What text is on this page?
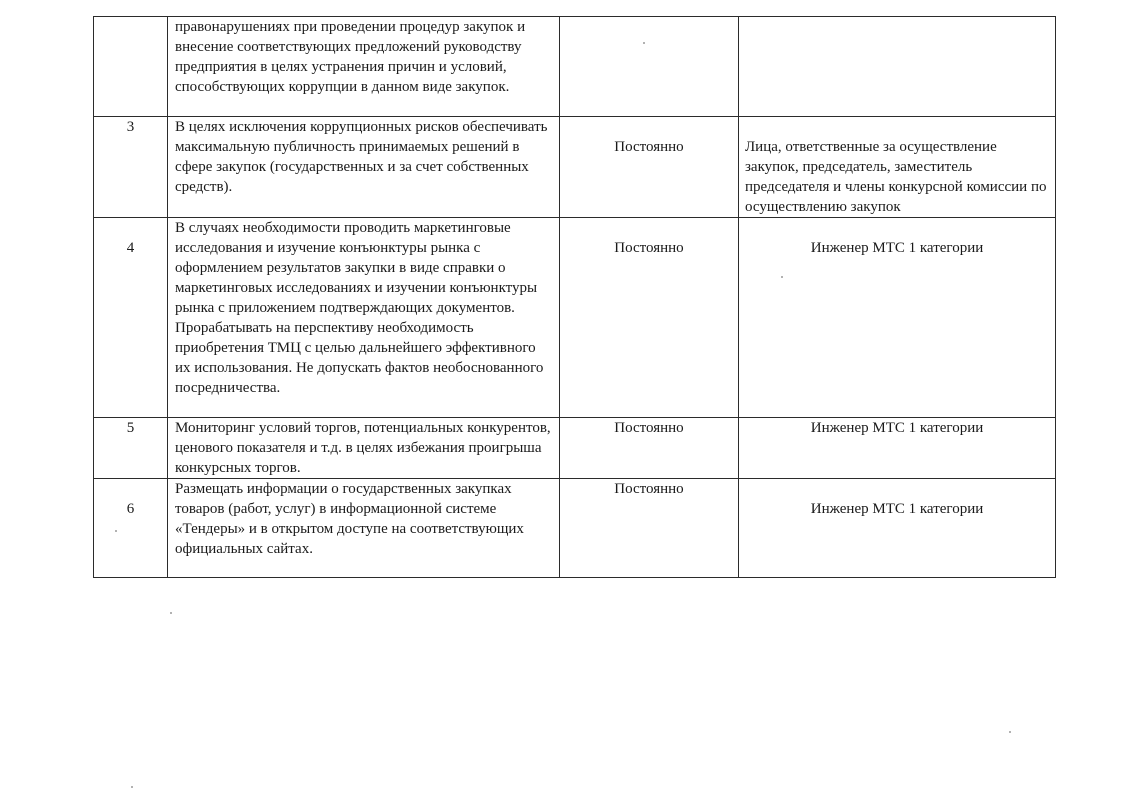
	правонарушениях при проведении процедур закупок и внесение соответствующих предложений руководству предприятия в целях устранения причин и условий, способствующих коррупции в данном виде закупок.		

3	В целях исключения коррупционных рисков обеспечивать максимальную публичность принимаемых решений в сфере закупок (государственных и за счет собственных средств).	Постоянно	Лица, ответственные за осуществление закупок, председатель, заместитель председателя и члены конкурсной комиссии по осуществлению закупок

4	В случаях необходимости проводить маркетинговые исследования и изучение конъюнктуры рынка с оформлением результатов закупки в виде справки о маркетинговых исследованиях и изучении конъюнктуры рынка с приложением подтверждающих документов. Прорабатывать на перспективу необходимость приобретения ТМЦ с целью дальнейшего эффективного их использования. Не допускать фактов необоснованного посредничества.	Постоянно	Инженер МТС 1 категории

5	Мониторинг условий торгов, потенциальных конкурентов, ценового показателя и т.д. в целях избежания проигрыша конкурсных торгов.	Постоянно	Инженер МТС 1 категории

6	Размещать информации о государственных закупках товаров (работ, услуг) в информационной системе «Тендеры» и в открытом доступе на соответствующих официальных сайтах.	Постоянно	Инженер МТС 1 категории
